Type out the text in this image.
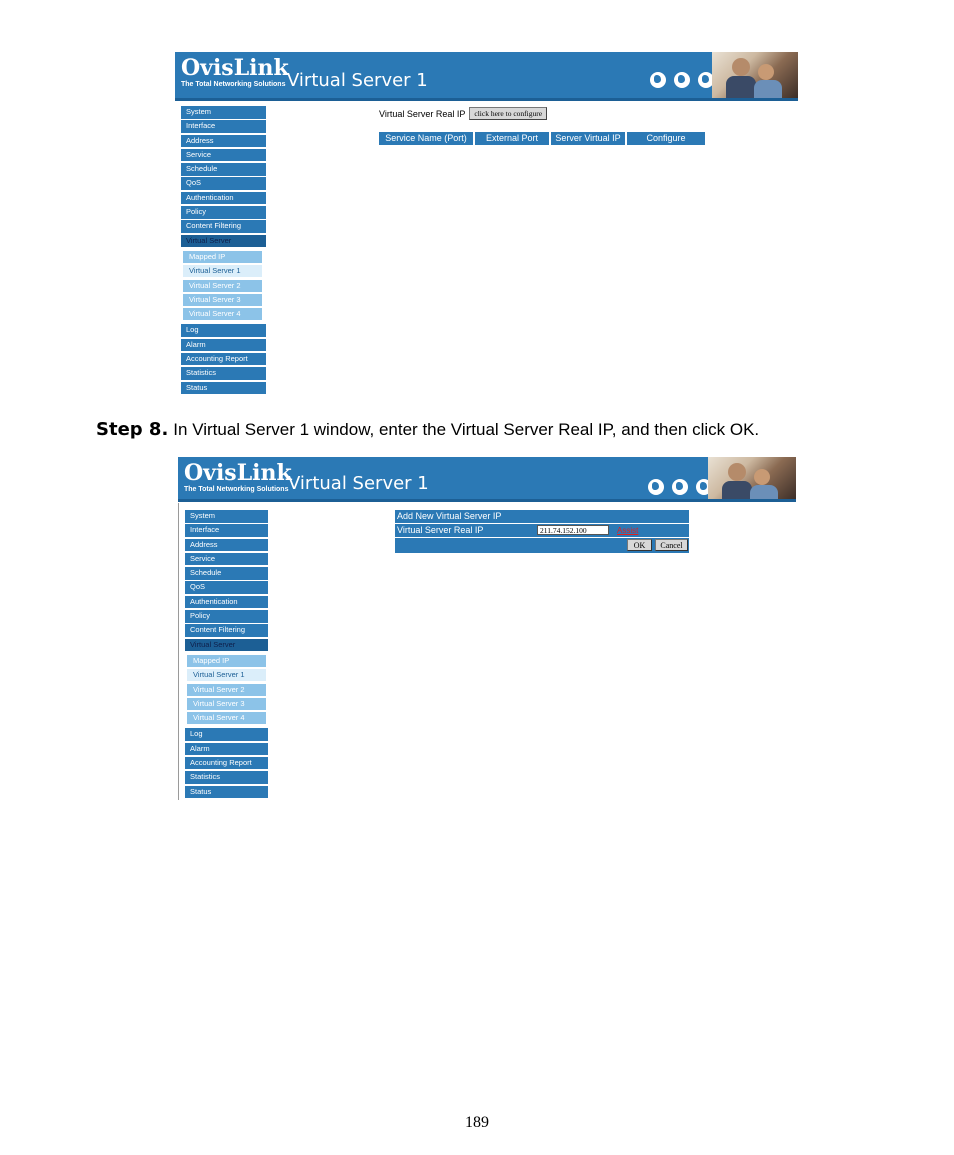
OvisLink
The Total Networking Solutions Virtual Server 1
System
Interface
Address
Service
Schedule
QoS
Authentication
Policy
Content Filtering
Virtual Server
Mapped IP
Virtual Server 1
Virtual Server 2
Virtual Server 3
Virtual Server 4
Log
Alarm
Accounting Report
Statistics
Status
Virtual Server Real IP	click here to configure
Service Name (Port)	External Port	Server Virtual IP	Configure
Step 8. In Virtual Server 1 window, enter the Virtual Server Real IP, and then click OK.
OvisLink
The Total Networking Solutions Virtual Server 1
System
Interface
Address
Service
Schedule
QoS
Authentication
Policy
Content Filtering
Virtual Server
Mapped IP
Virtual Server 1
Virtual Server 2
Virtual Server 3
Virtual Server 4
Log
Alarm
Accounting Report
Statistics
Status
Add New Virtual Server IP
Virtual Server Real IP	211.74.152.100	Assist
OK	Cancel
189
